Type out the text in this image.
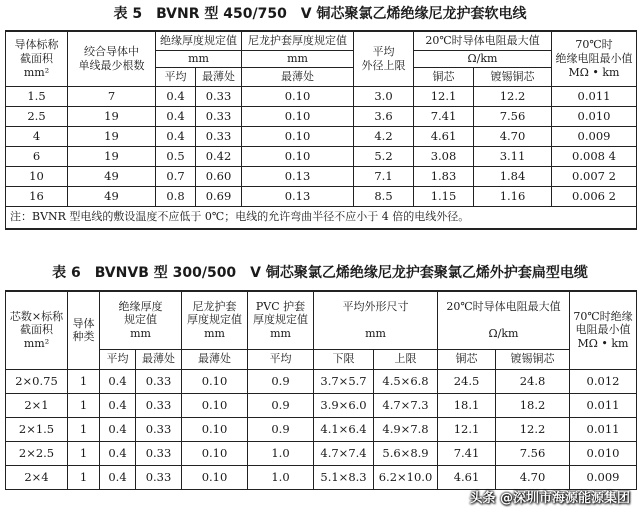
表 5　BVNR 型 450/750　V 铜芯聚氯乙烯绝缘尼龙护套软电线
导体标称
截面积
mm²	绞合导体中
单线最少根数	绝缘厚度规定值		尼龙护套厚度规定值	平均
外径上限	20℃时导体电阻最大值		70℃时
绝缘电阻最小值
MΩ • km
		mm		mm		Ω/km		
		平均	最薄处	最薄处		铜芯	镀锡铜芯	
1.5	7	0.4	0.33	0.10	3.0	12.1	12.2	0.011
2.5	19	0.4	0.33	0.10	3.6	7.41	7.56	0.010
4	19	0.4	0.33	0.10	4.2	4.61	4.70	0.009
6	19	0.5	0.42	0.10	5.2	3.08	3.11	0.008 4
10	49	0.7	0.60	0.13	7.1	1.83	1.84	0.007 2
16	49	0.8	0.69	0.13	8.5	1.15	1.16	0.006 2
注：BVNR 型电线的敷设温度不应低于 0℃；电线的允许弯曲半径不应小于 4 倍的电线外径。								
表 6　BVNVB 型 300/500　V 铜芯聚氯乙烯绝缘尼龙护套聚氯乙烯外护套扁型电缆
芯数×标称
截面积
mm²	导体
种类	绝缘厚度
规定值
mm		尼龙护套
厚度规定值
mm	PVC 护套
厚度规定值
mm	平均外形尺寸

mm		20℃时导体电阻最大值

Ω/km		70℃时绝缘
电阻最小值
MΩ • km
		平均	最薄处	最薄处	平均	下限	上限	铜芯	镀锡铜芯	
2×0.75	1	0.4	0.33	0.10	0.9	3.7×5.7	4.5×6.8	24.5	24.8	0.012
2×1	1	0.4	0.33	0.10	0.9	3.9×6.0	4.7×7.3	18.1	18.2	0.011
2×1.5	1	0.4	0.33	0.10	0.9	4.1×6.4	4.9×7.8	12.1	12.2	0.011
2×2.5	1	0.4	0.33	0.10	1.0	4.7×7.4	5.6×8.9	7.41	7.56	0.010
2×4	1	0.4	0.33	0.10	1.0	5.1×8.3	6.2×10.0	4.61	4.70	0.009
头条 @深圳市海源能源集团
